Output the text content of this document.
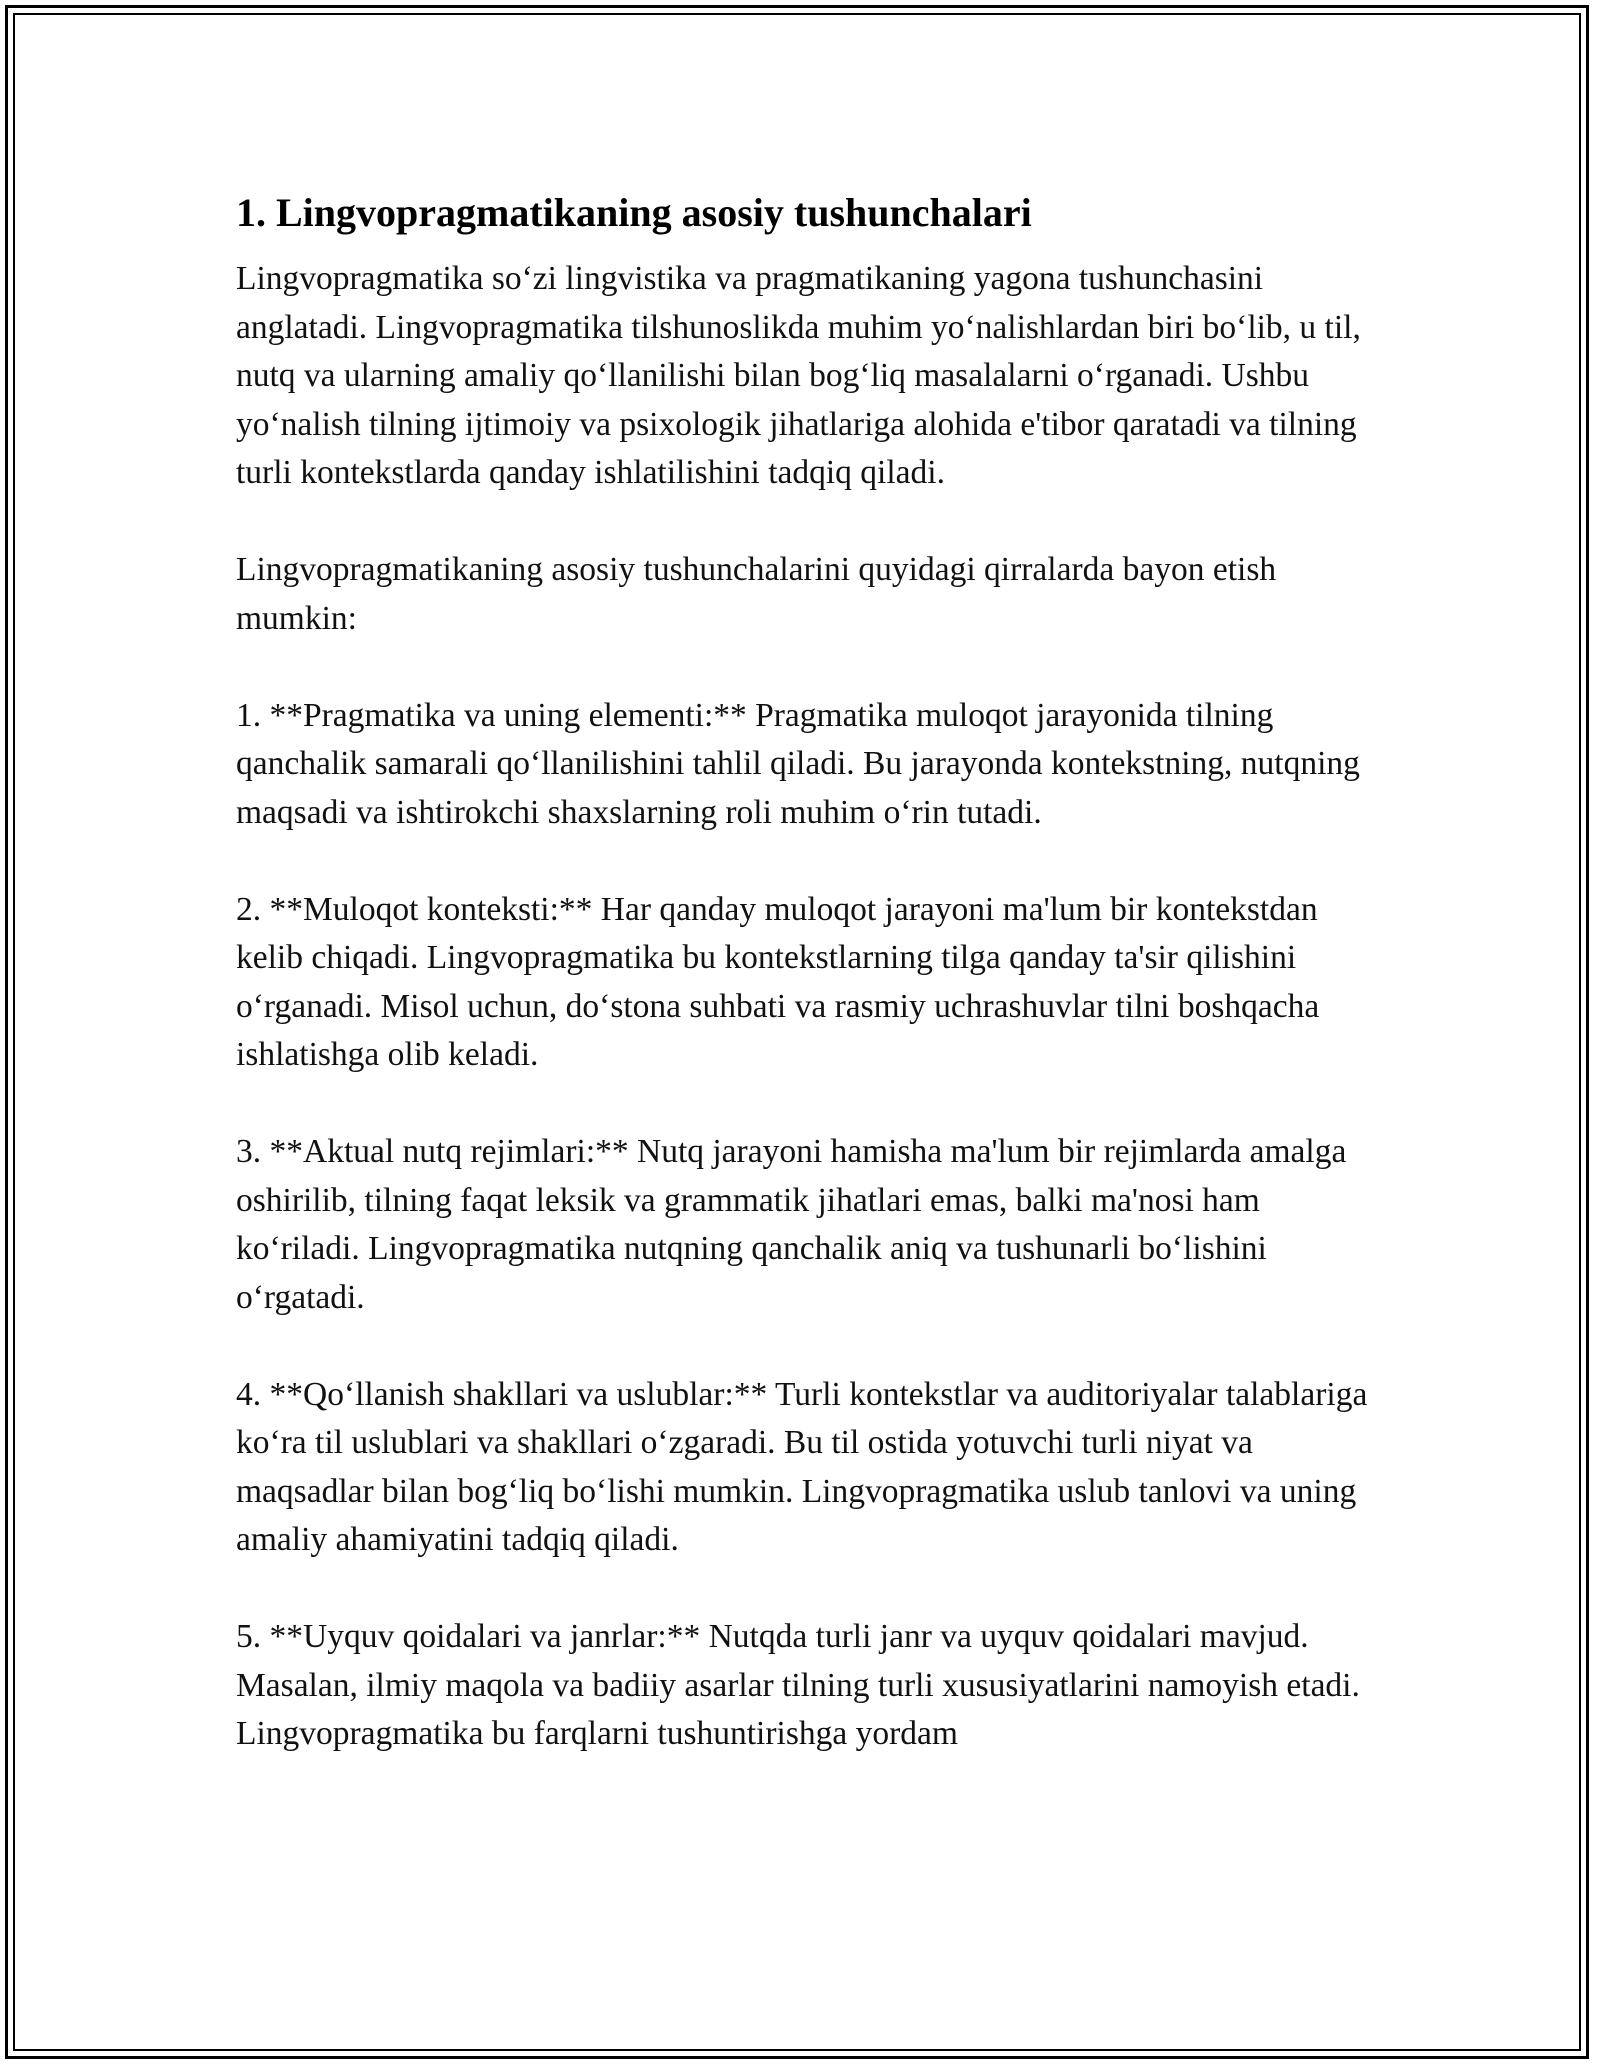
1. Lingvopragmatikaning asosiy tushunchalari

Lingvopragmatika so‘zi lingvistika va pragmatikaning yagona tushunchasini anglatadi. Lingvopragmatika tilshunoslikda muhim yo‘nalishlardan biri bo‘lib, u til, nutq va ularning amaliy qo‘llanilishi bilan bog‘liq masalalarni o‘rganadi. Ushbu yo‘nalish tilning ijtimoiy va psixologik jihatlariga alohida e'tibor qaratadi va tilning turli kontekstlarda qanday ishlatilishini tadqiq qiladi.

Lingvopragmatikaning asosiy tushunchalarini quyidagi qirralarda bayon etish mumkin:

1. **Pragmatika va uning elementi:** Pragmatika muloqot jarayonida tilning qanchalik samarali qo‘llanilishini tahlil qiladi. Bu jarayonda kontekstning, nutqning maqsadi va ishtirokchi shaxslarning roli muhim o‘rin tutadi.

2. **Muloqot konteksti:** Har qanday muloqot jarayoni ma'lum bir kontekstdan kelib chiqadi. Lingvopragmatika bu kontekstlarning tilga qanday ta'sir qilishini o‘rganadi. Misol uchun, do‘stona suhbati va rasmiy uchrashuvlar tilni boshqacha ishlatishga olib keladi.

3. **Aktual nutq rejimlari:** Nutq jarayoni hamisha ma'lum bir rejimlarda amalga oshirilib, tilning faqat leksik va grammatik jihatlari emas, balki ma'nosi ham ko‘riladi. Lingvopragmatika nutqning qanchalik aniq va tushunarli bo‘lishini o‘rgatadi.

4. **Qo‘llanish shakllari va uslublar:** Turli kontekstlar va auditoriyalar talablariga ko‘ra til uslublari va shakllari o‘zgaradi. Bu til ostida yotuvchi turli niyat va maqsadlar bilan bog‘liq bo‘lishi mumkin. Lingvopragmatika uslub tanlovi va uning amaliy ahamiyatini tadqiq qiladi.

5. **Uyquv qoidalari va janrlar:** Nutqda turli janr va uyquv qoidalari mavjud. Masalan, ilmiy maqola va badiiy asarlar tilning turli xususiyatlarini namoyish etadi. Lingvopragmatika bu farqlarni tushuntirishga yordam
